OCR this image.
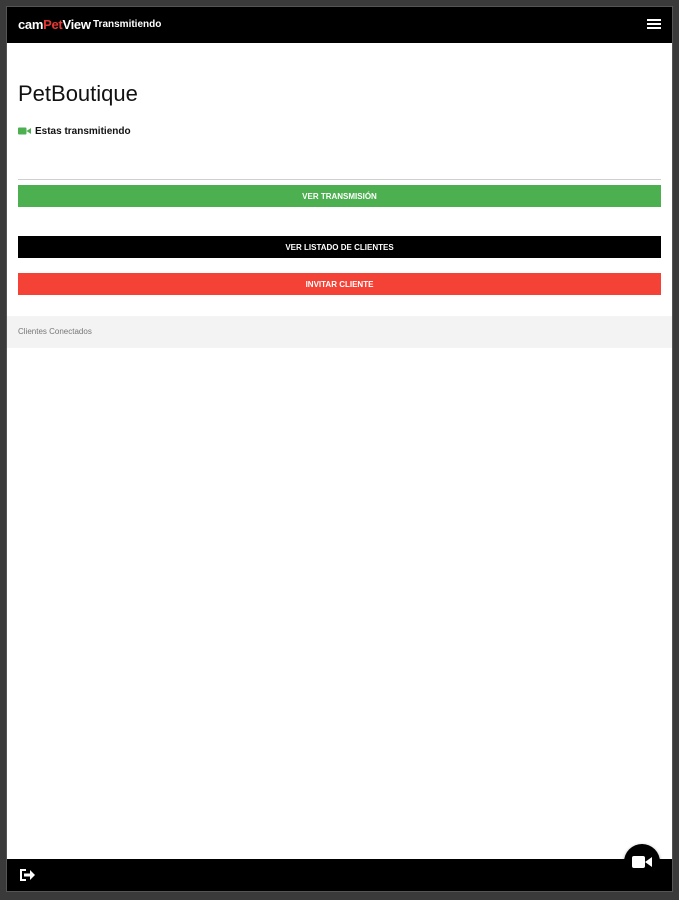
camPetView Transmitiendo
PetBoutique
Estas transmitiendo
VER TRANSMISIÓN
VER LISTADO DE CLIENTES
INVITAR CLIENTE
Clientes Conectados
